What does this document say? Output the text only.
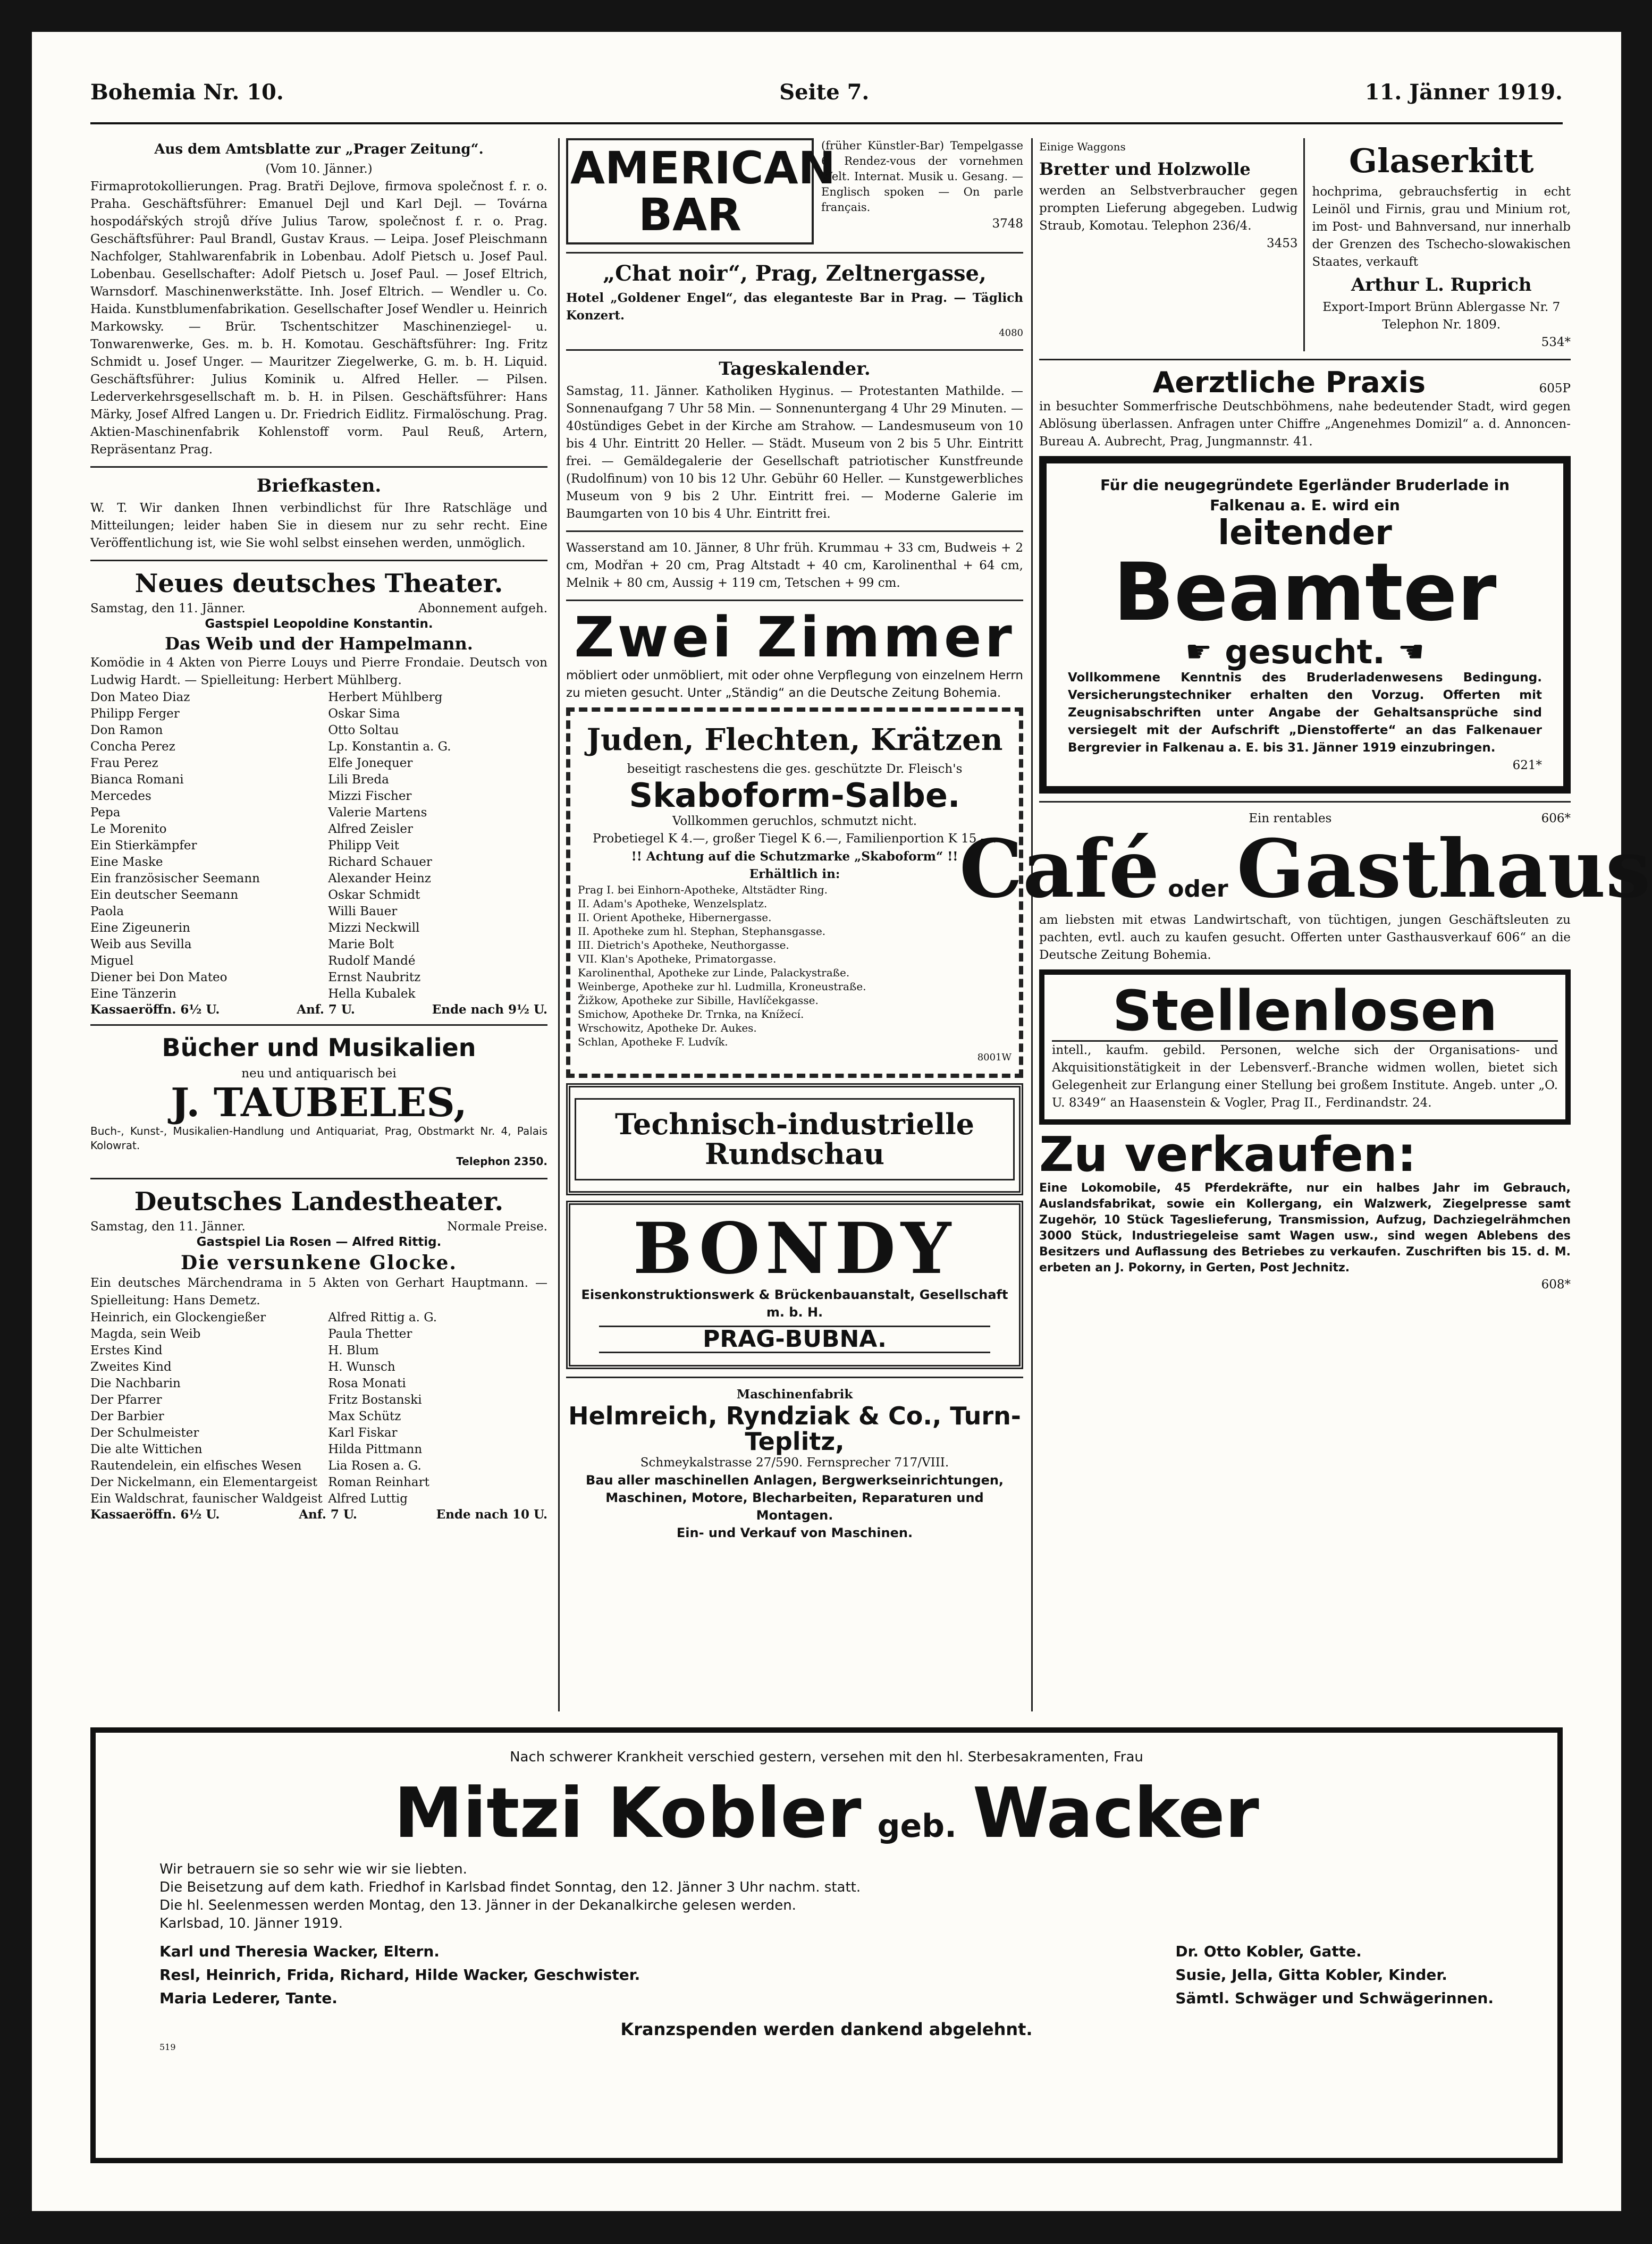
Bohemia Nr. 10.	Seite 7.	11. Jänner 1919.
Aus dem Amtsblatte zur „Prager Zeitung“.
(Vom 10. Jänner.)

Firmaprotokollierungen. Prag. Bratři Dejlove, firmova společnost f. r. o. Praha. Geschäftsführer: Emanuel Dejl und Karl Dejl. — Továrna hospodářských strojů dříve Julius Tarow, společnost f. r. o. Prag. Geschäftsführer: Paul Brandl, Gustav Kraus. — Leipa. Josef Pleischmann Nachfolger, Stahlwarenfabrik in Lobenbau. Adolf Pietsch u. Josef Paul. Lobenbau. Gesellschafter: Adolf Pietsch u. Josef Paul. — Josef Eltrich, Warnsdorf. Maschinenwerkstätte. Inh. Josef Eltrich. — Wendler u. Co. Haida. Kunstblumenfabrikation. Gesellschafter Josef Wendler u. Heinrich Markowsky. — Brür. Tschentschitzer Maschinenziegel- u. Tonwarenwerke, Ges. m. b. H. Komotau. Geschäftsführer: Ing. Fritz Schmidt u. Josef Unger. — Mauritzer Ziegelwerke, G. m. b. H. Liquid. Geschäftsführer: Julius Kominik u. Alfred Heller. — Pilsen. Lederverkehrsgesellschaft m. b. H. in Pilsen. Geschäftsführer: Hans Märky, Josef Alfred Langen u. Dr. Friedrich Eidlitz. Firmalöschung. Prag. Aktien-Maschinenfabrik Kohlenstoff vorm. Paul Reuß, Artern, Repräsentanz Prag.

Briefkasten.

W. T. Wir danken Ihnen verbindlichst für Ihre Ratschläge und Mitteilungen; leider haben Sie in diesem nur zu sehr recht. Eine Veröffentlichung ist, wie Sie wohl selbst einsehen werden, unmöglich.

Neues deutsches Theater.
Samstag, den 11. Jänner.	Abonnement aufgeh.
Gastspiel Leopoldine Konstantin.
Das Weib und der Hampelmann.

Komödie in 4 Akten von Pierre Louys und Pierre Frondaie. Deutsch von Ludwig Hardt. — Spielleitung: Herbert Mühlberg.

Don Mateo Diaz	Herbert Mühlberg
Philipp Ferger	Oskar Sima
Don Ramon	Otto Soltau
Concha Perez	Lp. Konstantin a. G.
Frau Perez	Elfe Jonequer
Bianca Romani	Lili Breda
Mercedes	Mizzi Fischer
Pepa	Valerie Martens
Le Morenito	Alfred Zeisler
Ein Stierkämpfer	Philipp Veit
Eine Maske	Richard Schauer
Ein französischer Seemann	Alexander Heinz
Ein deutscher Seemann	Oskar Schmidt
Paola	Willi Bauer
Eine Zigeunerin	Mizzi Neckwill
Weib aus Sevilla	Marie Bolt
Miguel	Rudolf Mandé
Diener bei Don Mateo	Ernst Naubritz
Eine Tänzerin	Hella Kubalek
Kassaeröffn. 6½ U.	Anf. 7 U.	Ende nach 9½ U.
Bücher und Musikalien
neu und antiquarisch bei
J. TAUBELES,

Buch-, Kunst-, Musikalien-Handlung und Antiquariat, Prag, Obstmarkt Nr. 4, Palais Kolowrat.

Telephon 2350.
Deutsches Landestheater.
Samstag, den 11. Jänner.	Normale Preise.
Gastspiel Lia Rosen — Alfred Rittig.
Die versunkene Glocke.

Ein deutsches Märchendrama in 5 Akten von Gerhart Hauptmann. — Spielleitung: Hans Demetz.

Heinrich, ein Glockengießer	Alfred Rittig a. G.
Magda, sein Weib	Paula Thetter
Erstes Kind	H. Blum
Zweites Kind	H. Wunsch
Die Nachbarin	Rosa Monati
Der Pfarrer	Fritz Bostanski
Der Barbier	Max Schütz
Der Schulmeister	Karl Fiskar
Die alte Wittichen	Hilda Pittmann
Rautendelein, ein elfisches Wesen	Lia Rosen a. G.
Der Nickelmann, ein Elementargeist	Roman Reinhart
Ein Waldschrat, faunischer Waldgeist	Alfred Luttig
Kassaeröffn. 6½ U.	Anf. 7 U.	Ende nach 10 U.
AMERICAN BAR

(früher Künstler-Bar) Tempelgasse 6. Rendez-vous der vornehmen Welt. Internat. Musik u. Gesang. — Englisch spoken — On parle français.

3748
„Chat noir“, Prag, Zeltnergasse,

Hotel „Goldener Engel“, das eleganteste Bar in Prag. — Täglich Konzert.

4080
Tageskalender.

Samstag, 11. Jänner. Katholiken Hyginus. — Protestanten Mathilde. — Sonnenaufgang 7 Uhr 58 Min. — Sonnenuntergang 4 Uhr 29 Minuten. — 40stündiges Gebet in der Kirche am Strahow. — Landesmuseum von 10 bis 4 Uhr. Eintritt 20 Heller. — Städt. Museum von 2 bis 5 Uhr. Eintritt frei. — Gemäldegalerie der Gesellschaft patriotischer Kunstfreunde (Rudolfinum) von 10 bis 12 Uhr. Gebühr 60 Heller. — Kunstgewerbliches Museum von 9 bis 2 Uhr. Eintritt frei. — Moderne Galerie im Baumgarten von 10 bis 4 Uhr. Eintritt frei.

Wasserstand am 10. Jänner, 8 Uhr früh. Krummau + 33 cm, Budweis + 2 cm, Modřan + 20 cm, Prag Altstadt + 40 cm, Karolinenthal + 64 cm, Melnik + 80 cm, Aussig + 119 cm, Tetschen + 99 cm.

Zwei Zimmer

möbliert oder unmöbliert, mit oder ohne Verpflegung von einzelnem Herrn zu mieten gesucht. Unter „Ständig“ an die Deutsche Zeitung Bohemia.

Juden, Flechten, Krätzen
beseitigt raschestens die ges. geschützte Dr. Fleisch's
Skaboform-Salbe.
Vollkommen geruchlos, schmutzt nicht.
Probetiegel K 4.—, großer Tiegel K 6.—, Familienportion K 15.—.
!! Achtung auf die Schutzmarke „Skaboform“ !!
Erhältlich in:
Prag I. bei Einhorn-Apotheke, Altstädter Ring.
II. Adam's Apotheke, Wenzelsplatz.
II. Orient Apotheke, Hibernergasse.
II. Apotheke zum hl. Stephan, Stephansgasse.
III. Dietrich's Apotheke, Neuthorgasse.
VII. Klan's Apotheke, Primatorgasse.
Karolinenthal, Apotheke zur Linde, Palackystraße.
Weinberge, Apotheke zur hl. Ludmilla, Kroneustraße.
Žižkow, Apotheke zur Sibille, Havlíčekgasse.
Smichow, Apotheke Dr. Trnka, na Knížecí.
Wrschowitz, Apotheke Dr. Aukes.
Schlan, Apotheke F. Ludvík.
8001W
Technisch-industrielle Rundschau
BONDY
Eisenkonstruktionswerk & Brückenbauanstalt, Gesellschaft m. b. H.
PRAG-BUBNA.
Maschinenfabrik
Helmreich, Ryndziak & Co., Turn-Teplitz,
Schmeykalstrasse 27/590. Fernsprecher 717/VIII.

Bau aller maschinellen Anlagen, Bergwerkseinrichtungen, Maschinen, Motore, Blecharbeiten, Reparaturen und Montagen.

Ein- und Verkauf von Maschinen.
Einige Waggons
Bretter und Holzwolle

werden an Selbstverbraucher gegen prompten Lieferung abgegeben. Ludwig Straub, Komotau. Telephon 236/4.

3453
Glaserkitt

hochprima, gebrauchsfertig in echt Leinöl und Firnis, grau und Minium rot, im Post- und Bahnversand, nur innerhalb der Grenzen des Tschecho-slowakischen Staates, verkauft

Arthur L. Ruprich

Export-Import Brünn Ablergasse Nr. 7 Telephon Nr. 1809.

534*
Aerztliche Praxis	605P

in besuchter Sommerfrische Deutschböhmens, nahe bedeutender Stadt, wird gegen Ablösung überlassen. Anfragen unter Chiffre „Angenehmes Domizil“ a. d. Annoncen-Bureau A. Aubrecht, Prag, Jungmannstr. 41.

Für die neugegründete Egerländer Bruderlade in Falkenau a. E. wird ein
leitender
Beamter
☛ gesucht. ☚

Vollkommene Kenntnis des Bruderladenwesens Bedingung. Versicherungstechniker erhalten den Vorzug. Offerten mit Zeugnisabschriften unter Angabe der Gehaltsansprüche sind versiegelt mit der Aufschrift „Dienstofferte“ an das Falkenauer Bergrevier in Falkenau a. E. bis 31. Jänner 1919 einzubringen.

621*
Ein rentables	606*
Café oder Gasthaus

am liebsten mit etwas Landwirtschaft, von tüchtigen, jungen Geschäftsleuten zu pachten, evtl. auch zu kaufen gesucht. Offerten unter Gasthausverkauf 606“ an die Deutsche Zeitung Bohemia.

Stellenlosen

intell., kaufm. gebild. Personen, welche sich der Organisations- und Akquisitionstätigkeit in der Lebensverf.-Branche widmen wollen, bietet sich Gelegenheit zur Erlangung einer Stellung bei großem Institute. Angeb. unter „O. U. 8349“ an Haasenstein & Vogler, Prag II., Ferdinandstr. 24.

Zu verkaufen:

Eine Lokomobile, 45 Pferdekräfte, nur ein halbes Jahr im Gebrauch, Auslandsfabrikat, sowie ein Kollergang, ein Walzwerk, Ziegelpresse samt Zugehör, 10 Stück Tageslieferung, Transmission, Aufzug, Dachziegelrähmchen 3000 Stück, Industriegeleise samt Wagen usw., sind wegen Ablebens des Besitzers und Auflassung des Betriebes zu verkaufen. Zuschriften bis 15. d. M. erbeten an J. Pokorny, in Gerten, Post Jechnitz.

608*
Nach schwerer Krankheit verschied gestern, versehen mit den hl. Sterbesakramenten, Frau
Mitzi Kobler geb. Wacker
Wir betrauern sie so sehr wie wir sie liebten.
Die Beisetzung auf dem kath. Friedhof in Karlsbad findet Sonntag, den 12. Jänner 3 Uhr nachm. statt.
Die hl. Seelenmessen werden Montag, den 13. Jänner in der Dekanalkirche gelesen werden.
Karlsbad, 10. Jänner 1919.
Karl und Theresia Wacker, Eltern.
Resl, Heinrich, Frida, Richard, Hilde Wacker, Geschwister.
Maria Lederer, Tante.
Dr. Otto Kobler, Gatte.
Susie, Jella, Gitta Kobler, Kinder.
Sämtl. Schwäger und Schwägerinnen.
Kranzspenden werden dankend abgelehnt.
519
